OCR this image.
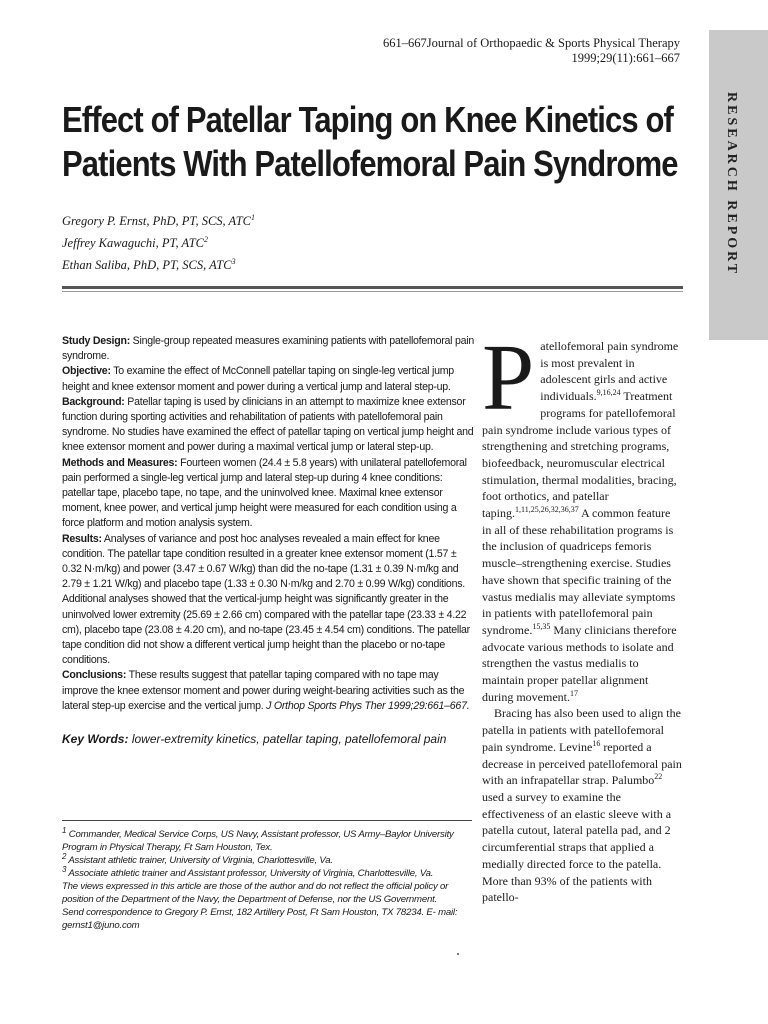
661–667Journal of Orthopaedic & Sports Physical Therapy
1999;29(11):661–667
RESEARCH REPORT
Effect of Patellar Taping on Knee Kinetics of
Patients With Patellofemoral Pain Syndrome
Gregory P. Ernst, PhD, PT, SCS, ATC$^1$
Jeffrey Kawaguchi, PT, ATC$^2$
Ethan Saliba, PhD, PT, SCS, ATC$^3$

Study Design: Single-group repeated measures examining patients with patellofemoral pain syndrome.

Objective: To examine the effect of McConnell patellar taping on single-leg vertical jump height and knee extensor moment and power during a vertical jump and lateral step-up.

Background: Patellar taping is used by clinicians in an attempt to maximize knee extensor function during sporting activities and rehabilitation of patients with patellofemoral pain syndrome. No studies have examined the effect of patellar taping on vertical jump height and knee extensor moment and power during a maximal vertical jump or lateral step-up.

Methods and Measures: Fourteen women (24.4 ± 5.8 years) with unilateral patellofemoral pain performed a single-leg vertical jump and lateral step-up during 4 knee conditions: patellar tape, placebo tape, no tape, and the uninvolved knee. Maximal knee extensor moment, knee power, and vertical jump height were measured for each condition using a force platform and motion analysis system.

Results: Analyses of variance and post hoc analyses revealed a main effect for knee condition. The patellar tape condition resulted in a greater knee extensor moment (1.57 ± 0.32 N·m/kg) and power (3.47 ± 0.67 W/kg) than did the no-tape (1.31 ± 0.39 N·m/kg and 2.79 ± 1.21 W/kg) and placebo tape (1.33 ± 0.30 N·m/kg and 2.70 ± 0.99 W/kg) conditions. Additional analyses showed that the vertical-jump height was significantly greater in the uninvolved lower extremity (25.69 ± 2.66 cm) compared with the patellar tape (23.33 ± 4.22 cm), placebo tape (23.08 ± 4.20 cm), and no-tape (23.45 ± 4.54 cm) conditions. The patellar tape condition did not show a different vertical jump height than the placebo or no-tape conditions.

Conclusions: These results suggest that patellar taping compared with no tape may improve the knee extensor moment and power during weight-bearing activities such as the lateral step-up exercise and the vertical jump. J Orthop Sports Phys Ther 1999;29:661–667.

Key Words: lower-extremity kinetics, patellar taping, patellofemoral pain

$^1$ Commander, Medical Service Corps, US Navy, Assistant professor, US Army–Baylor University Program in Physical Therapy, Ft Sam Houston, Tex.

$^2$ Assistant athletic trainer, University of Virginia, Charlottesville, Va.

$^3$ Associate athletic trainer and Assistant professor, University of Virginia, Charlottesville, Va.

The views expressed in this article are those of the author and do not reflect the official policy or position of the Department of the Navy, the Department of Defense, nor the US Government.

Send correspondence to Gregory P. Ernst, 182 Artillery Post, Ft Sam Houston, TX 78234. E- mail: gernst1@juno.com

Patellofemoral pain syndrome is most prevalent in adolescent girls and active individuals.$^{9,16,24}$ Treatment programs for patellofemoral pain syndrome include various types of strengthening and stretching programs, biofeedback, neuromuscular electrical stimulation, thermal modalities, bracing, foot orthotics, and patellar taping.$^{1,11,25,26,32,36,37}$ A common feature in all of these rehabilitation programs is the inclusion of quadriceps femoris muscle–strengthening exercise. Studies have shown that specific training of the vastus medialis may alleviate symptoms in patients with patellofemoral pain syndrome.$^{15,35}$ Many clinicians therefore advocate various methods to isolate and strengthen the vastus medialis to maintain proper patellar alignment during movement.$^{17}$

Bracing has also been used to align the patella in patients with patellofemoral pain syndrome. Levine$^{16}$ reported a decrease in perceived patellofemoral pain with an infrapatellar strap. Palumbo$^{22}$ used a survey to examine the effectiveness of an elastic sleeve with a patella cutout, lateral patella pad, and 2 circumferential straps that applied a medially directed force to the patella. More than 93% of the patients with patello-
